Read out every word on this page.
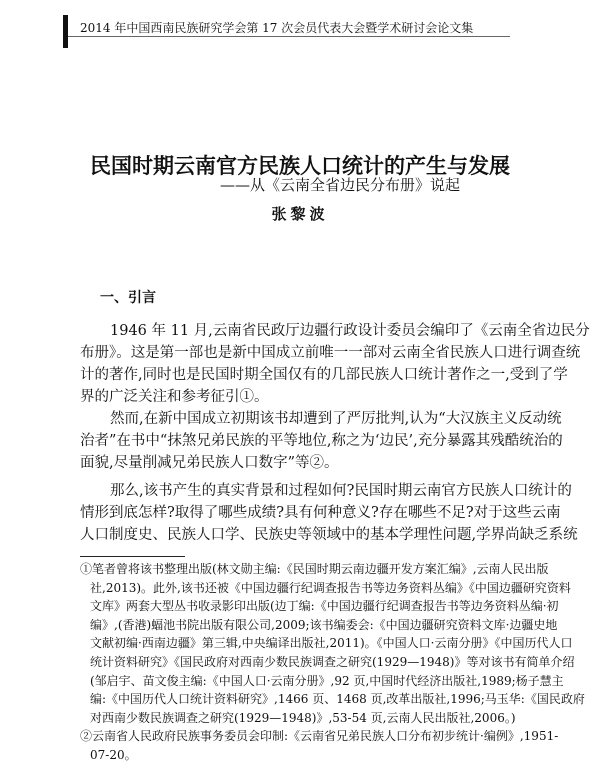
2014 年中国西南民族研究学会第 17 次会员代表大会暨学术研讨会论文集
民国时期云南官方民族人口统计的产生与发展
——从《云南全省边民分布册》说起
张黎波
一、引言
1946 年 11 月,云南省民政厅边疆行政设计委员会编印了《云南全省边民分
布册》。这是第一部也是新中国成立前唯一一部对云南全省民族人口进行调查统
计的著作,同时也是民国时期全国仅有的几部民族人口统计著作之一,受到了学
界的广泛关注和参考征引①。
然而,在新中国成立初期该书却遭到了严厉批判,认为“大汉族主义反动统
治者”在书中“抹煞兄弟民族的平等地位,称之为‘边民’,充分暴露其残酷统治的
面貌,尽量削减兄弟民族人口数字”等②。
那么,该书产生的真实背景和过程如何?民国时期云南官方民族人口统计的
情形到底怎样?取得了哪些成绩?具有何种意义?存在哪些不足?对于这些云南
人口制度史、民族人口学、民族史等领域中的基本学理性问题,学界尚缺乏系统
①笔者曾将该书整理出版(林文勋主编:《民国时期云南边疆开发方案汇编》,云南人民出版
社,2013)。此外,该书还被《中国边疆行纪调查报告书等边务资料丛编》《中国边疆研究资料
文库》两套大型丛书收录影印出版(边丁编:《中国边疆行纪调查报告书等边务资料丛编·初
编》,(香港)蝠池书院出版有限公司,2009;该书编委会:《中国边疆研究资料文库·边疆史地
文献初编·西南边疆》第三辑,中央编译出版社,2011)。《中国人口·云南分册》《中国历代人口
统计资料研究》《国民政府对西南少数民族调查之研究(1929—1948)》等对该书有简单介绍
(邹启宇、苗文俊主编:《中国人口·云南分册》,92 页,中国时代经济出版社,1989;杨子慧主
编:《中国历代人口统计资料研究》,1466 页、1468 页,改革出版社,1996;马玉华:《国民政府
对西南少数民族调查之研究(1929—1948)》,53-54 页,云南人民出版社,2006。)
②云南省人民政府民族事务委员会印制:《云南省兄弟民族人口分布初步统计·编例》,1951-
07-20。
